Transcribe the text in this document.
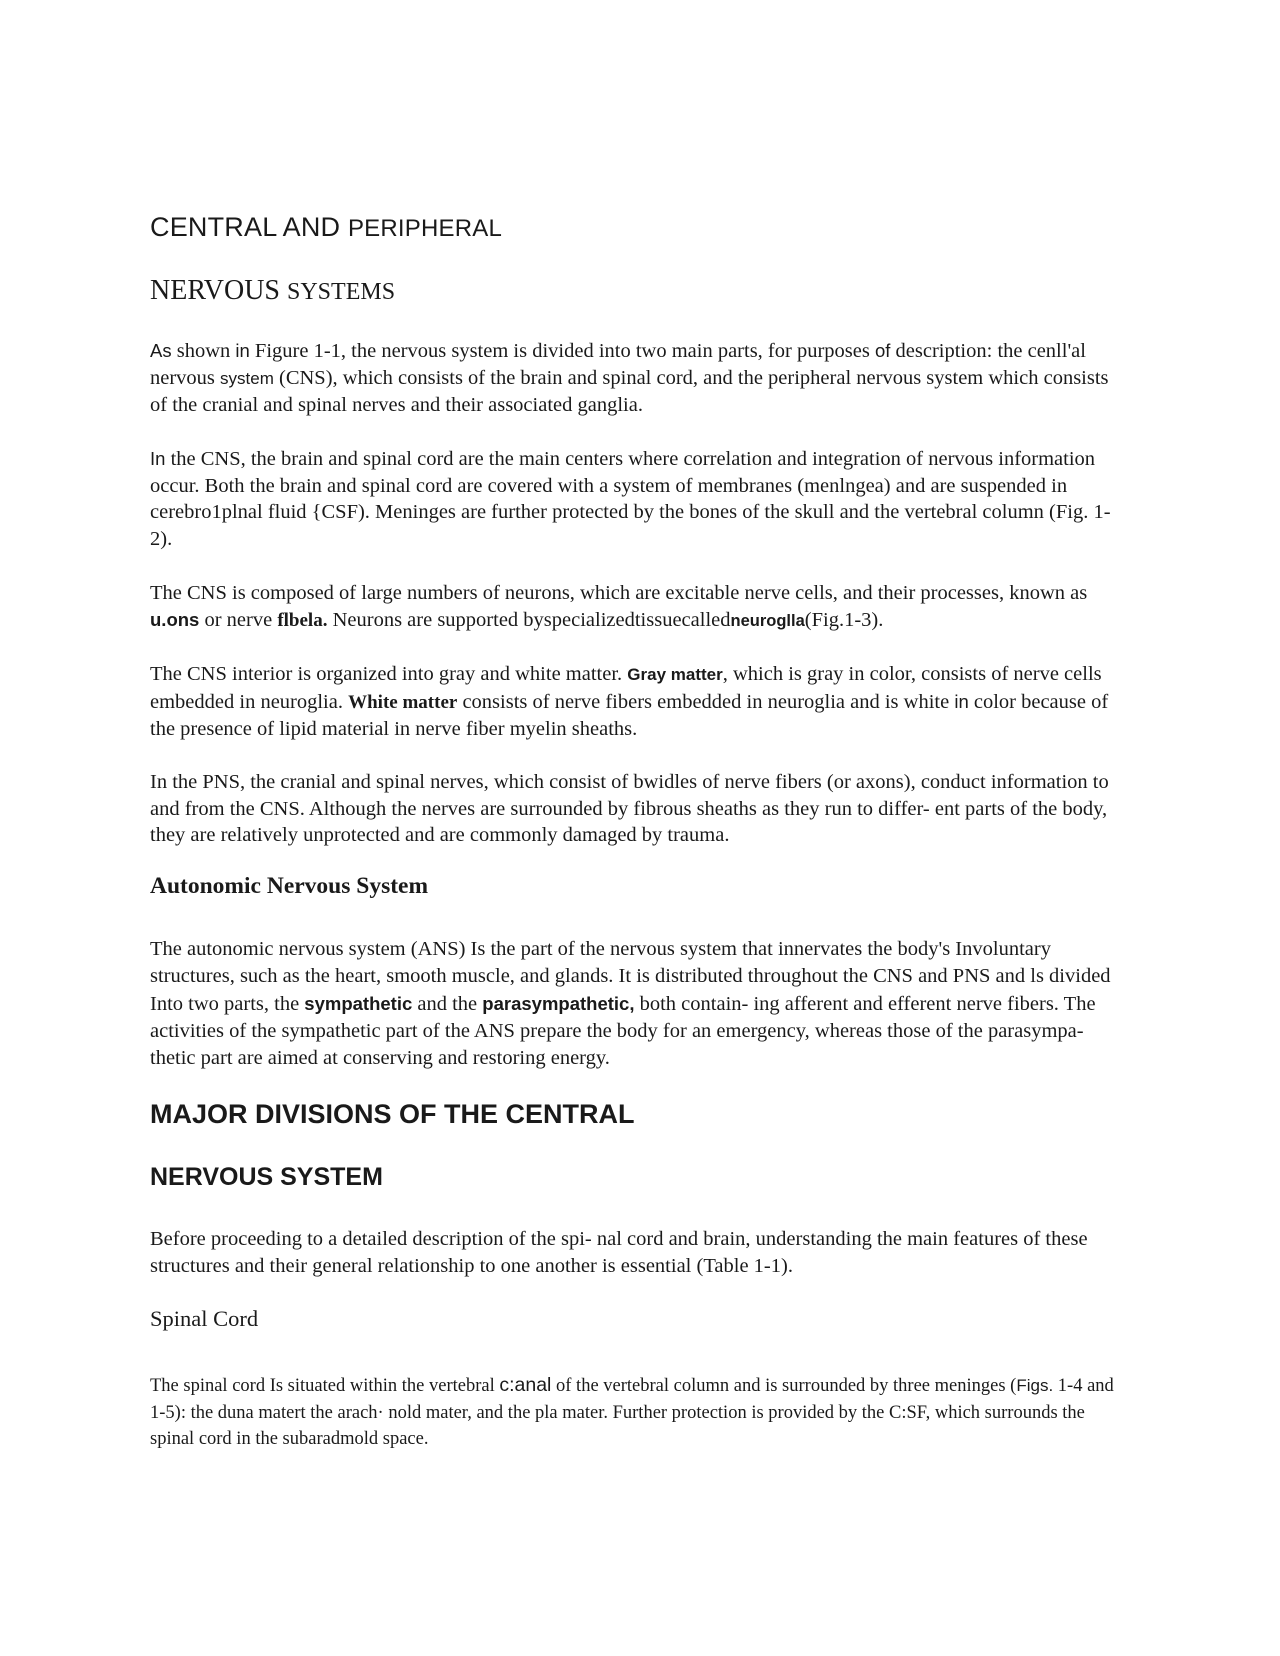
CENTRAL AND PERIPHERAL
NERVOUS SYSTEMS

As shown in Figure 1-1, the nervous system is divided into two main parts, for purposes of description: the cenll'al nervous system (CNS), which consists of the brain and spinal cord, and the peripheral nervous system which consists of the cranial and spinal nerves and their associated ganglia.

In the CNS, the brain and spinal cord are the main centers where correlation and integration of nervous information occur. Both the brain and spinal cord are covered with a system of membranes (menlngea) and are suspended in cerebro1plnal fluid {CSF). Meninges are further protected by the bones of the skull and the vertebral column (Fig. 1-2).

The CNS is composed of large numbers of neurons, which are excitable nerve cells, and their processes, known as u.ons or nerve flbela. Neurons are supported byspecializedtissuecalledneuroglla(Fig.1-3).

The CNS interior is organized into gray and white matter. Gray matter, which is gray in color, consists of nerve cells embedded in neuroglia. White matter consists of nerve fibers embedded in neuroglia and is white in color because of the presence of lipid material in nerve fiber myelin sheaths.

In the PNS, the cranial and spinal nerves, which consist of bwidles of nerve fibers (or axons), conduct information to and from the CNS. Although the nerves are surrounded by fibrous sheaths as they run to differ- ent parts of the body, they are relatively unprotected and are commonly damaged by trauma.

Autonomic Nervous System

The autonomic nervous system (ANS) Is the part of the nervous system that innervates the body's Involuntary structures, such as the heart, smooth muscle, and glands. It is distributed throughout the CNS and PNS and ls divided Into two parts, the sympathetic and the parasympathetic, both contain- ing afferent and efferent nerve fibers. The activities of the sympathetic part of the ANS prepare the body for an emergency, whereas those of the parasympa- thetic part are aimed at conserving and restoring energy.

MAJOR DIVISIONS OF THE CENTRAL
NERVOUS SYSTEM

Before proceeding to a detailed description of the spi- nal cord and brain, understanding the main features of these structures and their general relationship to one another is essential (Table 1-1).

Spinal Cord

The spinal cord Is situated within the vertebral c:anal of the vertebral column and is surrounded by three meninges (Figs. 1-4 and 1-5): the duna matert the arach· nold mater, and the pla mater. Further protection is provided by the C:SF, which surrounds the spinal cord in the subaradmold space.
